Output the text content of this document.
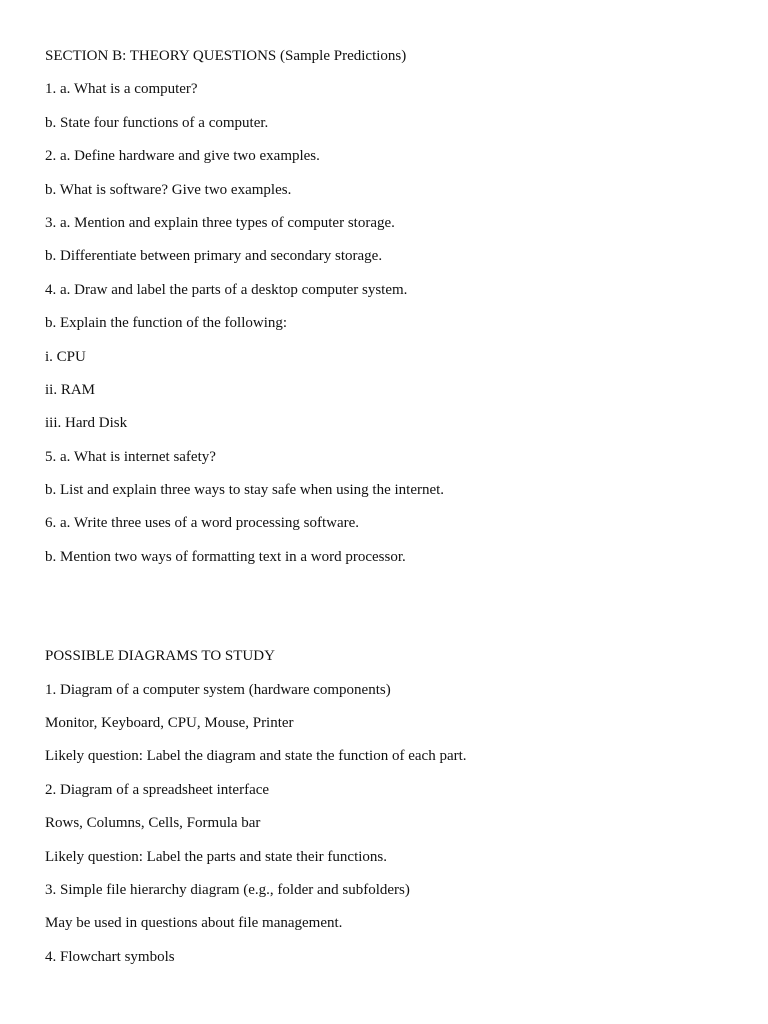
SECTION B: THEORY QUESTIONS (Sample Predictions)

1. a. What is a computer?

b. State four functions of a computer.

2. a. Define hardware and give two examples.

b. What is software? Give two examples.

3. a. Mention and explain three types of computer storage.

b. Differentiate between primary and secondary storage.

4. a. Draw and label the parts of a desktop computer system.

b. Explain the function of the following:

i. CPU

ii. RAM

iii. Hard Disk

5. a. What is internet safety?

b. List and explain three ways to stay safe when using the internet.

6. a. Write three uses of a word processing software.

b. Mention two ways of formatting text in a word processor.

POSSIBLE DIAGRAMS TO STUDY

1. Diagram of a computer system (hardware components)

Monitor, Keyboard, CPU, Mouse, Printer

Likely question: Label the diagram and state the function of each part.

2. Diagram of a spreadsheet interface

Rows, Columns, Cells, Formula bar

Likely question: Label the parts and state their functions.

3. Simple file hierarchy diagram (e.g., folder and subfolders)

May be used in questions about file management.

4. Flowchart symbols
